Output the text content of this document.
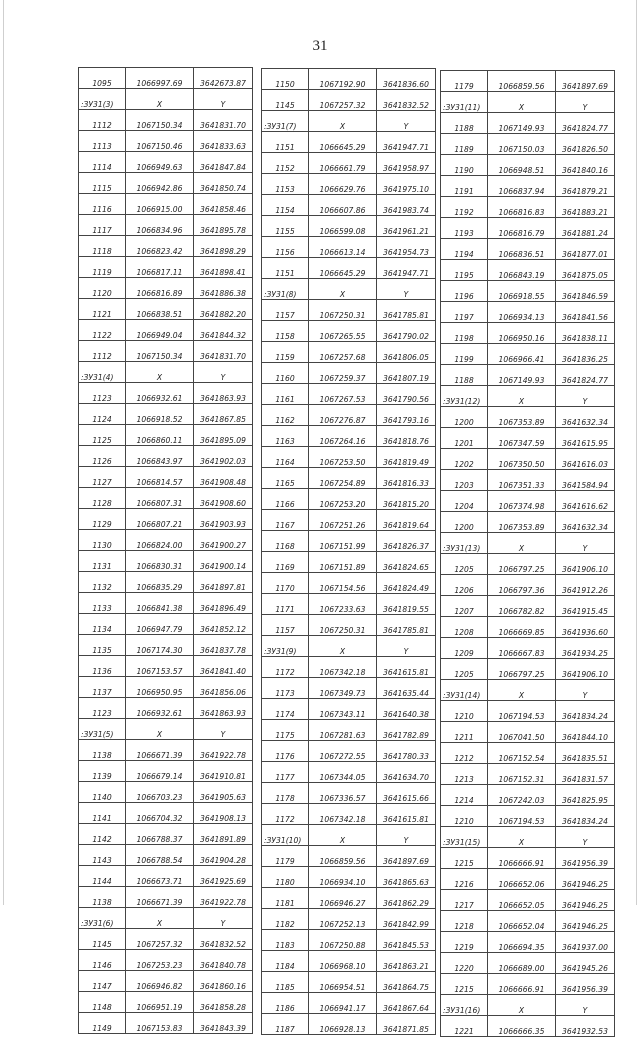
31
1095	1066997.69	3642673.87
:ЗУ31(3)	X	Y
1112	1067150.34	3641831.70
1113	1067150.46	3641833.63
1114	1066949.63	3641847.84
1115	1066942.86	3641850.74
1116	1066915.00	3641858.46
1117	1066834.96	3641895.78
1118	1066823.42	3641898.29
1119	1066817.11	3641898.41
1120	1066816.89	3641886.38
1121	1066838.51	3641882.20
1122	1066949.04	3641844.32
1112	1067150.34	3641831.70
:ЗУ31(4)	X	Y
1123	1066932.61	3641863.93
1124	1066918.52	3641867.85
1125	1066860.11	3641895.09
1126	1066843.97	3641902.03
1127	1066814.57	3641908.48
1128	1066807.31	3641908.60
1129	1066807.21	3641903.93
1130	1066824.00	3641900.27
1131	1066830.31	3641900.14
1132	1066835.29	3641897.81
1133	1066841.38	3641896.49
1134	1066947.79	3641852.12
1135	1067174.30	3641837.78
1136	1067153.57	3641841.40
1137	1066950.95	3641856.06
1123	1066932.61	3641863.93
:ЗУ31(5)	X	Y
1138	1066671.39	3641922.78
1139	1066679.14	3641910.81
1140	1066703.23	3641905.63
1141	1066704.32	3641908.13
1142	1066788.37	3641891.89
1143	1066788.54	3641904.28
1144	1066673.71	3641925.69
1138	1066671.39	3641922.78
:ЗУ31(6)	X	Y
1145	1067257.32	3641832.52
1146	1067253.23	3641840.78
1147	1066946.82	3641860.16
1148	1066951.19	3641858.28
1149	1067153.83	3641843.39
1150	1067192.90	3641836.60
1145	1067257.32	3641832.52
:ЗУ31(7)	X	Y
1151	1066645.29	3641947.71
1152	1066661.79	3641958.97
1153	1066629.76	3641975.10
1154	1066607.86	3641983.74
1155	1066599.08	3641961.21
1156	1066613.14	3641954.73
1151	1066645.29	3641947.71
:ЗУ31(8)	X	Y
1157	1067250.31	3641785.81
1158	1067265.55	3641790.02
1159	1067257.68	3641806.05
1160	1067259.37	3641807.19
1161	1067267.53	3641790.56
1162	1067276.87	3641793.16
1163	1067264.16	3641818.76
1164	1067253.50	3641819.49
1165	1067254.89	3641816.33
1166	1067253.20	3641815.20
1167	1067251.26	3641819.64
1168	1067151.99	3641826.37
1169	1067151.89	3641824.65
1170	1067154.56	3641824.49
1171	1067233.63	3641819.55
1157	1067250.31	3641785.81
:ЗУ31(9)	X	Y
1172	1067342.18	3641615.81
1173	1067349.73	3641635.44
1174	1067343.11	3641640.38
1175	1067281.63	3641782.89
1176	1067272.55	3641780.33
1177	1067344.05	3641634.70
1178	1067336.57	3641615.66
1172	1067342.18	3641615.81
:ЗУ31(10)	X	Y
1179	1066859.56	3641897.69
1180	1066934.10	3641865.63
1181	1066946.27	3641862.29
1182	1067252.13	3641842.99
1183	1067250.88	3641845.53
1184	1066968.10	3641863.21
1185	1066954.51	3641864.75
1186	1066941.17	3641867.64
1187	1066928.13	3641871.85
1179	1066859.56	3641897.69
:ЗУ31(11)	X	Y
1188	1067149.93	3641824.77
1189	1067150.03	3641826.50
1190	1066948.51	3641840.16
1191	1066837.94	3641879.21
1192	1066816.83	3641883.21
1193	1066816.79	3641881.24
1194	1066836.51	3641877.01
1195	1066843.19	3641875.05
1196	1066918.55	3641846.59
1197	1066934.13	3641841.56
1198	1066950.16	3641838.11
1199	1066966.41	3641836.25
1188	1067149.93	3641824.77
:ЗУ31(12)	X	Y
1200	1067353.89	3641632.34
1201	1067347.59	3641615.95
1202	1067350.50	3641616.03
1203	1067351.33	3641584.94
1204	1067374.98	3641616.62
1200	1067353.89	3641632.34
:ЗУ31(13)	X	Y
1205	1066797.25	3641906.10
1206	1066797.36	3641912.26
1207	1066782.82	3641915.45
1208	1066669.85	3641936.60
1209	1066667.83	3641934.25
1205	1066797.25	3641906.10
:ЗУ31(14)	X	Y
1210	1067194.53	3641834.24
1211	1067041.50	3641844.10
1212	1067152.54	3641835.51
1213	1067152.31	3641831.57
1214	1067242.03	3641825.95
1210	1067194.53	3641834.24
:ЗУ31(15)	X	Y
1215	1066666.91	3641956.39
1216	1066652.06	3641946.25
1217	1066652.05	3641946.25
1218	1066652.04	3641946.25
1219	1066694.35	3641937.00
1220	1066689.00	3641945.26
1215	1066666.91	3641956.39
:ЗУ31(16)	X	Y
1221	1066666.35	3641932.53
